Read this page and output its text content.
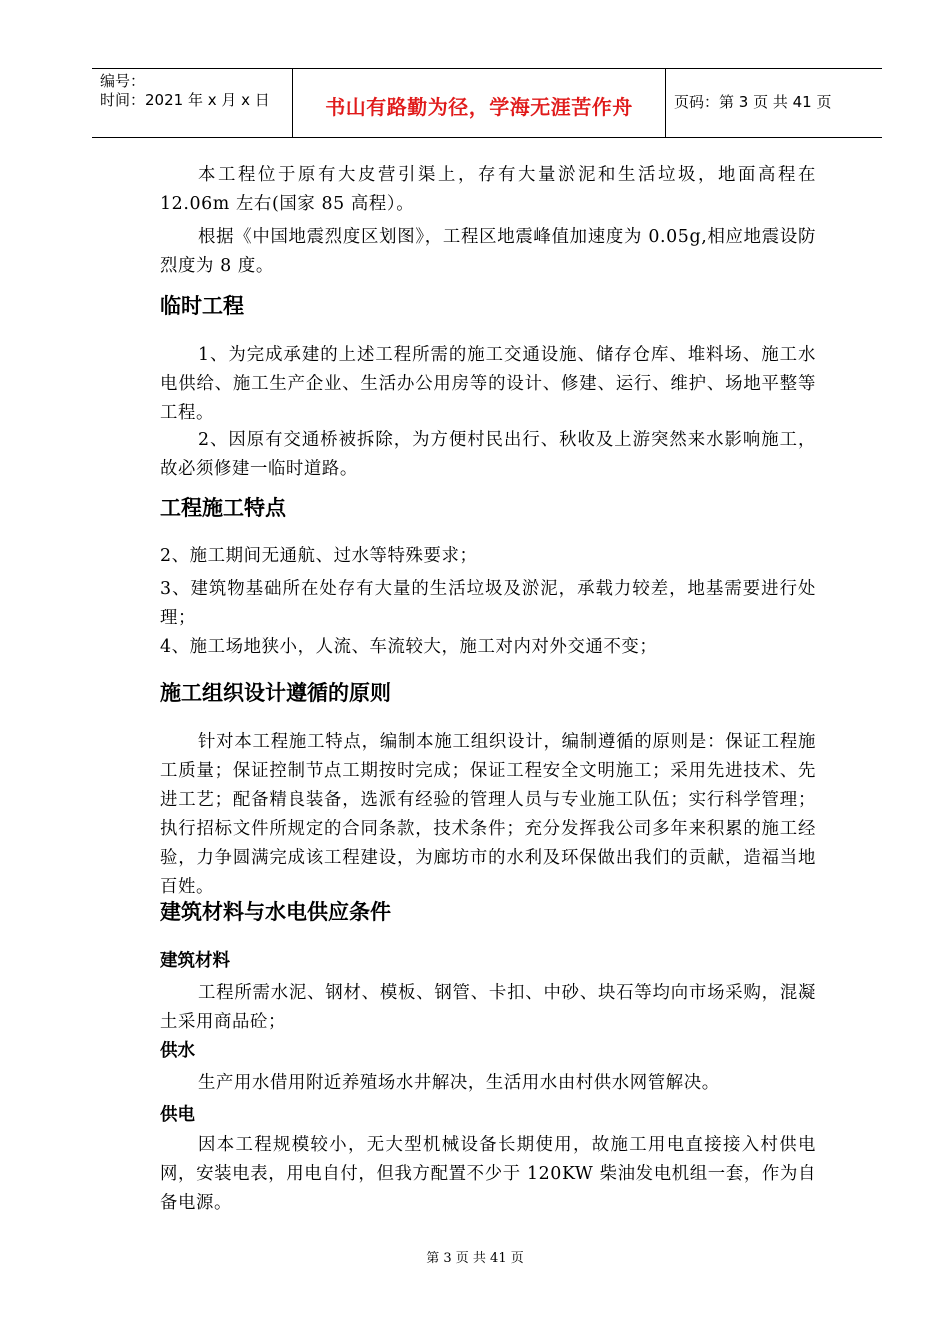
编号：
时间：2021 年 x 月 x 日	书山有路勤为径，学海无涯苦作舟	页码：第 3 页 共 41 页
本工程位于原有大皮营引渠上，存有大量淤泥和生活垃圾，地面高程在 12.06m 左右(国家 85 高程）。
根据《中国地震烈度区划图》，工程区地震峰值加速度为 0.05g,相应地震设防烈度为 8 度。
临时工程
1、为完成承建的上述工程所需的施工交通设施、储存仓库、堆料场、施工水电供给、施工生产企业、生活办公用房等的设计、修建、运行、维护、场地平整等工程。
2、因原有交通桥被拆除，为方便村民出行、秋收及上游突然来水影响施工，故必须修建一临时道路。
工程施工特点
2、施工期间无通航、过水等特殊要求；
3、建筑物基础所在处存有大量的生活垃圾及淤泥，承载力较差，地基需要进行处理；
4、施工场地狭小，人流、车流较大，施工对内对外交通不变；
施工组织设计遵循的原则
针对本工程施工特点，编制本施工组织设计，编制遵循的原则是：保证工程施工质量；保证控制节点工期按时完成；保证工程安全文明施工；采用先进技术、先进工艺；配备精良装备，选派有经验的管理人员与专业施工队伍；实行科学管理；执行招标文件所规定的合同条款，技术条件；充分发挥我公司多年来积累的施工经验，力争圆满完成该工程建设，为廊坊市的水利及环保做出我们的贡献，造福当地百姓。
建筑材料与水电供应条件
建筑材料
工程所需水泥、钢材、模板、钢管、卡扣、中砂、块石等均向市场采购，混凝土采用商品砼；
供水
生产用水借用附近养殖场水井解决，生活用水由村供水网管解决。
供电
因本工程规模较小，无大型机械设备长期使用，故施工用电直接接入村供电网，安装电表，用电自付，但我方配置不少于 120KW 柴油发电机组一套，作为自备电源。
第 3 页 共 41 页
